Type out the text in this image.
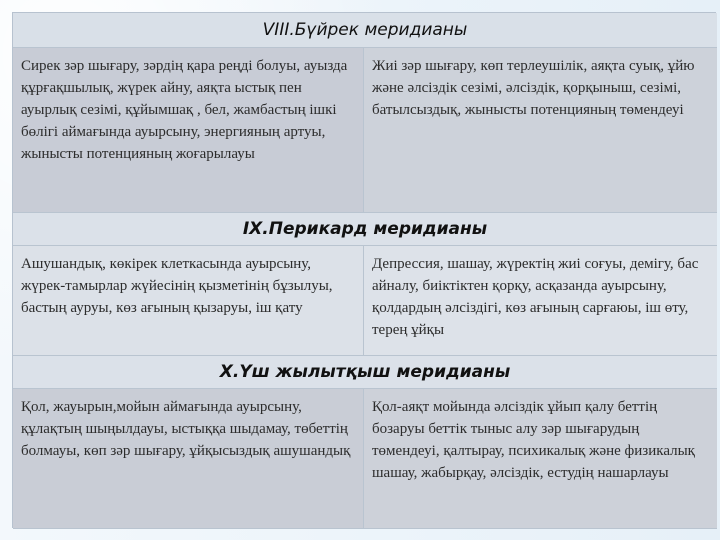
VIII.Бүйрек меридианы
Сирек зәр шығару, зәрдің қара реңді болуы, ауызда құрғақшылық, жүрек айну, аяқта ыстық пен ауырлық сезімі, құйымшақ , бел, жамбастың ішкі бөлігі аймағында ауырсыну, энергияның артуы, жынысты потенцияның жоғарылауы
Жиі зәр шығару, көп терлеушілік, аяқта суық, ұйю және әлсіздік сезімі, әлсіздік, қорқыныш, сезімі, батылсыздық, жынысты потенцияның төмендеуі
IX.Перикард меридианы
Ашушандық, көкірек клеткасында ауырсыну, жүрек-тамырлар жүйесінің қызметінің бұзылуы, бастың ауруы, көз ағының қызаруы, іш қату
Депрессия, шашау, жүректің жиі соғуы, демігу, бас айналу, биіктіктен қорқу, асқазанда ауырсыну, қолдардың әлсіздігі, көз ағының сарғаюы, іш өту, терең ұйқы
X.Үш жылытқыш меридианы
Қол, жауырын,мойын аймағында ауырсыну, құлақтың шыңылдауы, ыстыққа шыдамау, төбеттің болмауы, көп зәр шығару, ұйқысыздық ашушандық
Қол-аяқт мойында әлсіздік ұйып қалу беттің бозаруы беттік тыныс алу зәр шығарудың төмендеуі, қалтырау, психикалық және физикалық шашау, жабырқау, әлсіздік, естудің нашарлауы
